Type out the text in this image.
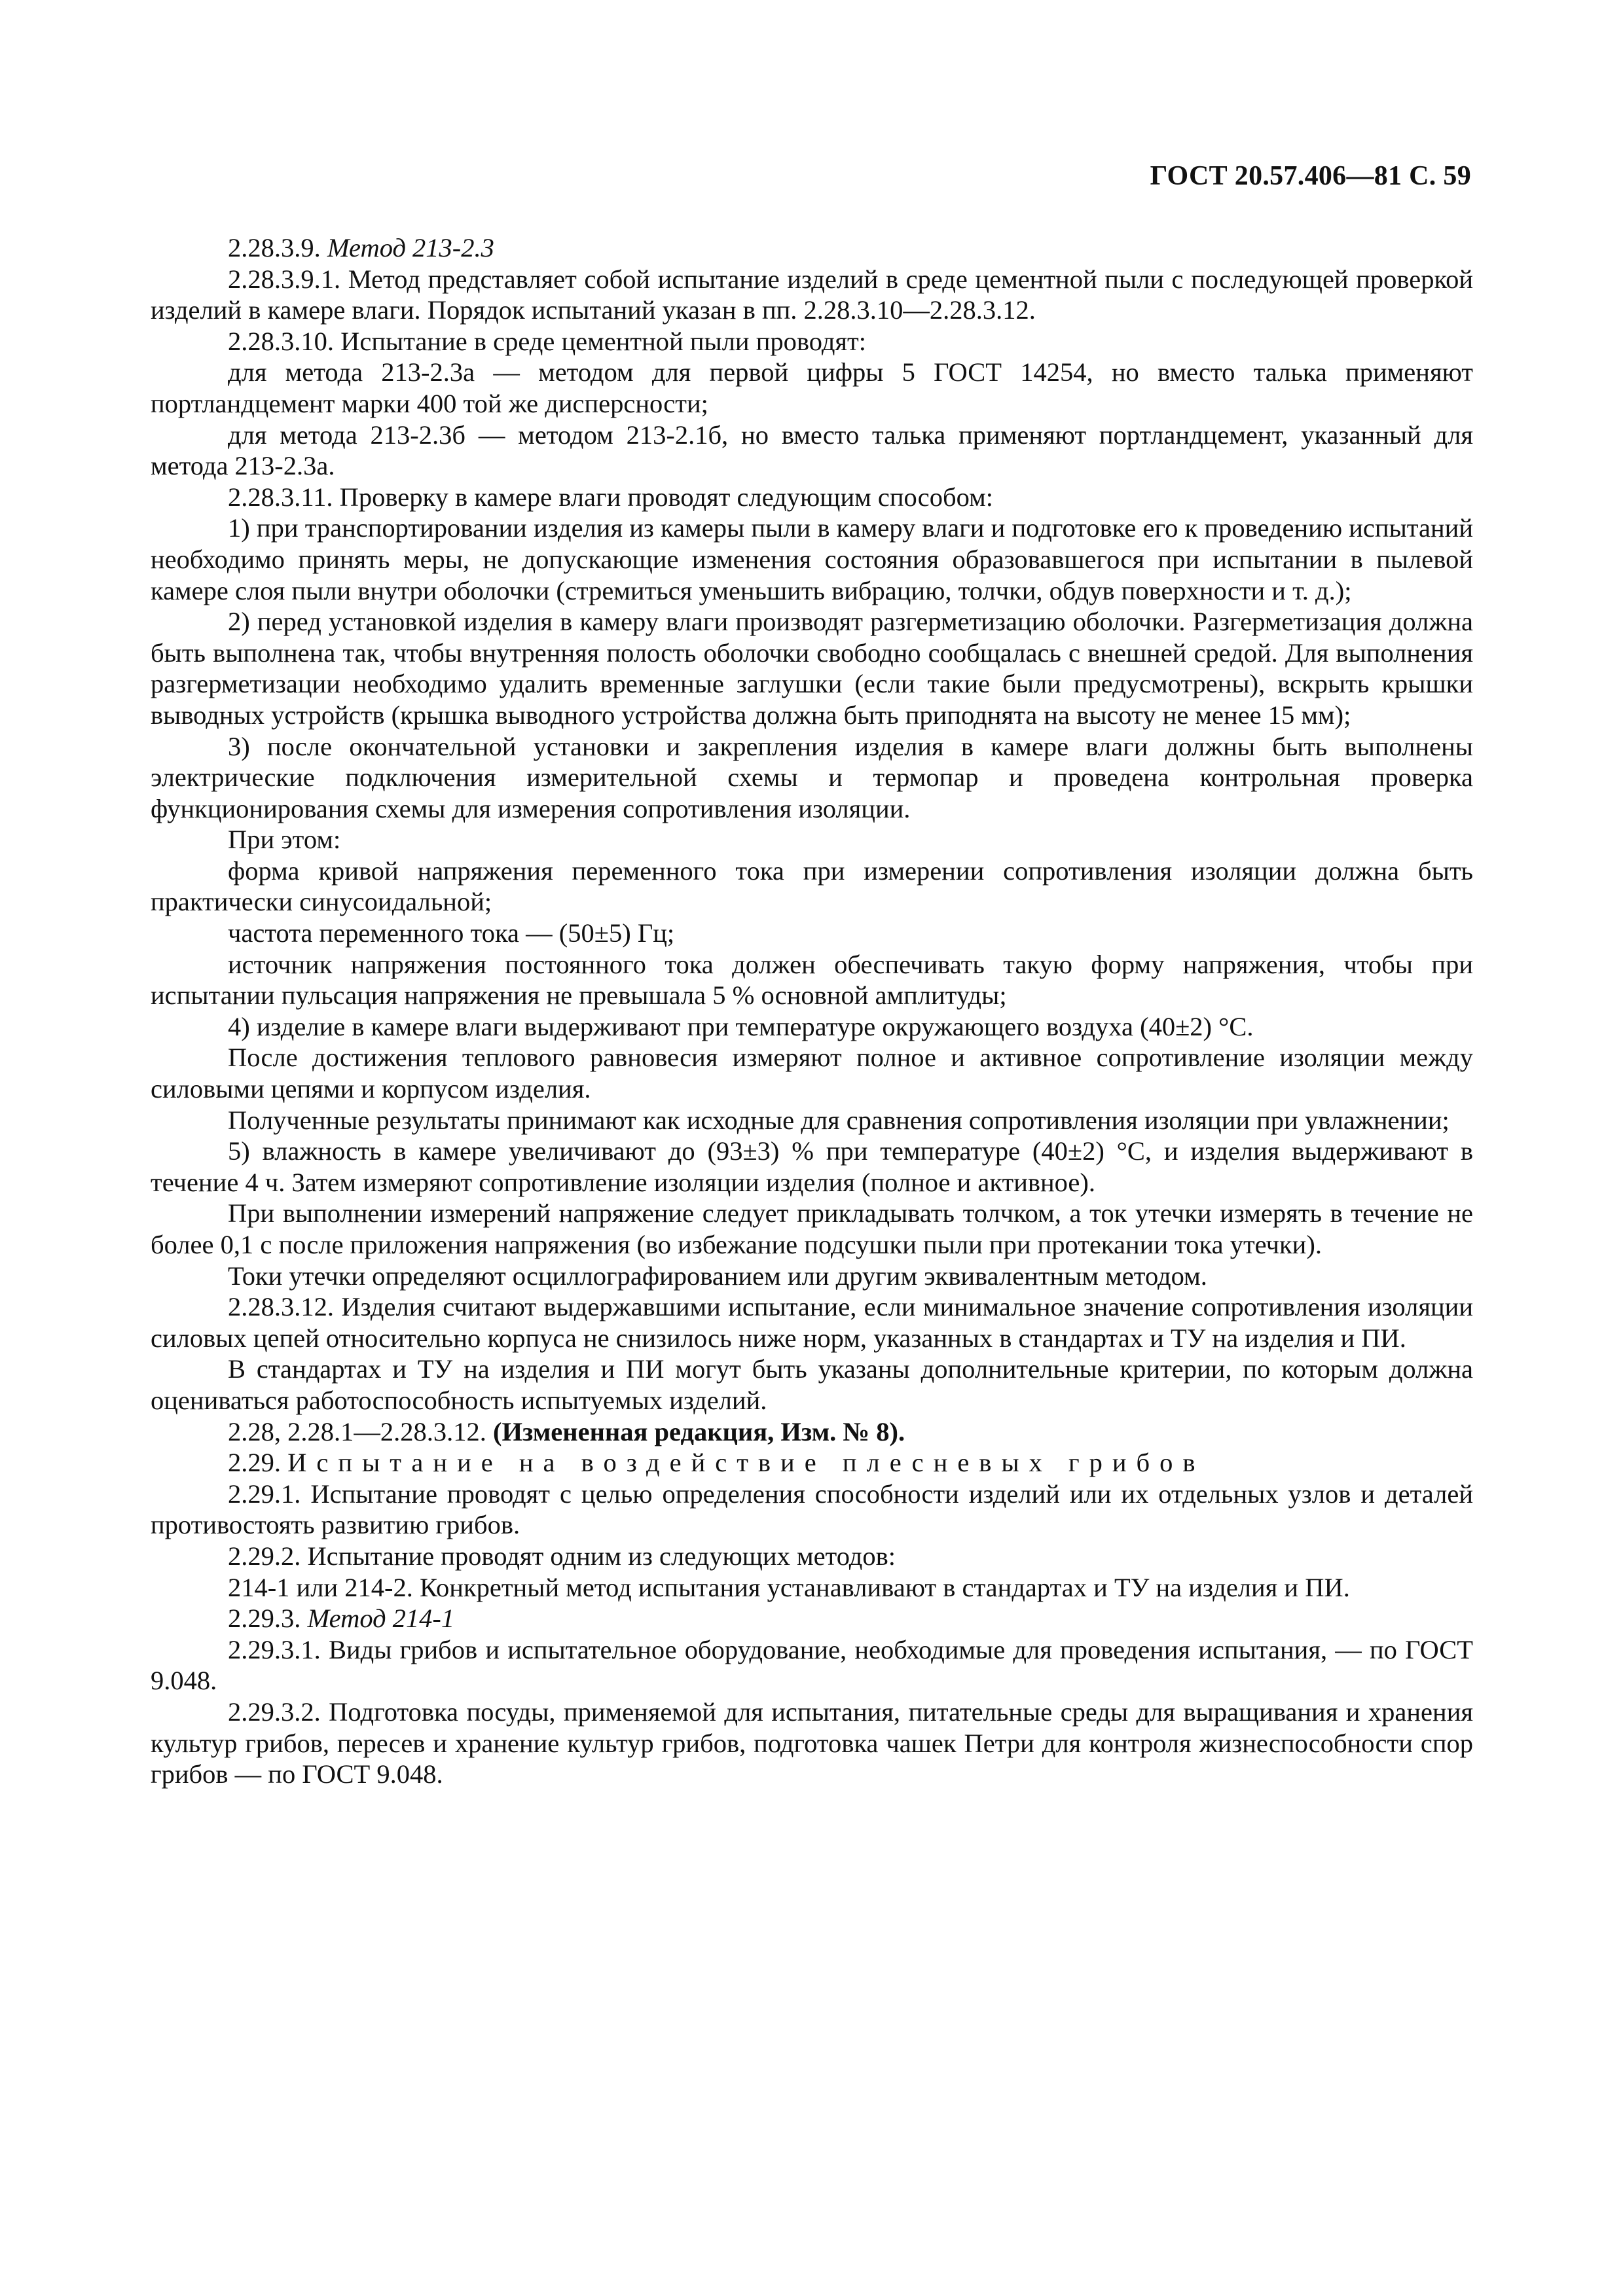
ГОСТ 20.57.406—81 С. 59

2.28.3.9. Метод 213-2.3

2.28.3.9.1. Метод представляет собой испытание изделий в среде цементной пыли с последующей проверкой изделий в камере влаги. Порядок испытаний указан в пп. 2.28.3.10—2.28.3.12.

2.28.3.10. Испытание в среде цементной пыли проводят:

для метода 213-2.3а — методом для первой цифры 5 ГОСТ 14254, но вместо талька применяют портландцемент марки 400 той же дисперсности;

для метода 213-2.3б — методом 213-2.1б, но вместо талька применяют портландцемент, указанный для метода 213-2.3а.

2.28.3.11. Проверку в камере влаги проводят следующим способом:

1) при транспортировании изделия из камеры пыли в камеру влаги и подготовке его к проведению испытаний необходимо принять меры, не допускающие изменения состояния образовавшегося при испытании в пылевой камере слоя пыли внутри оболочки (стремиться уменьшить вибрацию, толчки, обдув поверхности и т. д.);

2) перед установкой изделия в камеру влаги производят разгерметизацию оболочки. Разгерметизация должна быть выполнена так, чтобы внутренняя полость оболочки свободно сообщалась с внешней средой. Для выполнения разгерметизации необходимо удалить временные заглушки (если такие были предусмотрены), вскрыть крышки выводных устройств (крышка выводного устройства должна быть приподнята на высоту не менее 15 мм);

3) после окончательной установки и закрепления изделия в камере влаги должны быть выполнены электрические подключения измерительной схемы и термопар и проведена контрольная проверка функционирования схемы для измерения сопротивления изоляции.

При этом:

форма кривой напряжения переменного тока при измерении сопротивления изоляции должна быть практически синусоидальной;

частота переменного тока — (50±5) Гц;

источник напряжения постоянного тока должен обеспечивать такую форму напряжения, чтобы при испытании пульсация напряжения не превышала 5 % основной амплитуды;

4) изделие в камере влаги выдерживают при температуре окружающего воздуха (40±2) °С.

После достижения теплового равновесия измеряют полное и активное сопротивление изоляции между силовыми цепями и корпусом изделия.

Полученные результаты принимают как исходные для сравнения сопротивления изоляции при увлажнении;

5) влажность в камере увеличивают до (93±3) % при температуре (40±2) °С, и изделия выдерживают в течение 4 ч. Затем измеряют сопротивление изоляции изделия (полное и активное).

При выполнении измерений напряжение следует прикладывать толчком, а ток утечки измерять в течение не более 0,1 с после приложения напряжения (во избежание подсушки пыли при протекании тока утечки).

Токи утечки определяют осциллографированием или другим эквивалентным методом.

2.28.3.12. Изделия считают выдержавшими испытание, если минимальное значение сопротивления изоляции силовых цепей относительно корпуса не снизилось ниже норм, указанных в стандартах и ТУ на изделия и ПИ.

В стандартах и ТУ на изделия и ПИ могут быть указаны дополнительные критерии, по которым должна оцениваться работоспособность испытуемых изделий.

2.28, 2.28.1—2.28.3.12. (Измененная редакция, Изм. № 8).

2.29. Испытание на воздействие плесневых грибов

2.29.1. Испытание проводят с целью определения способности изделий или их отдельных узлов и деталей противостоять развитию грибов.

2.29.2. Испытание проводят одним из следующих методов:

214-1 или 214-2. Конкретный метод испытания устанавливают в стандартах и ТУ на изделия и ПИ.

2.29.3. Метод 214-1

2.29.3.1. Виды грибов и испытательное оборудование, необходимые для проведения испытания, — по ГОСТ 9.048.

2.29.3.2. Подготовка посуды, применяемой для испытания, питательные среды для выращивания и хранения культур грибов, пересев и хранение культур грибов, подготовка чашек Петри для контроля жизнеспособности спор грибов — по ГОСТ 9.048.
